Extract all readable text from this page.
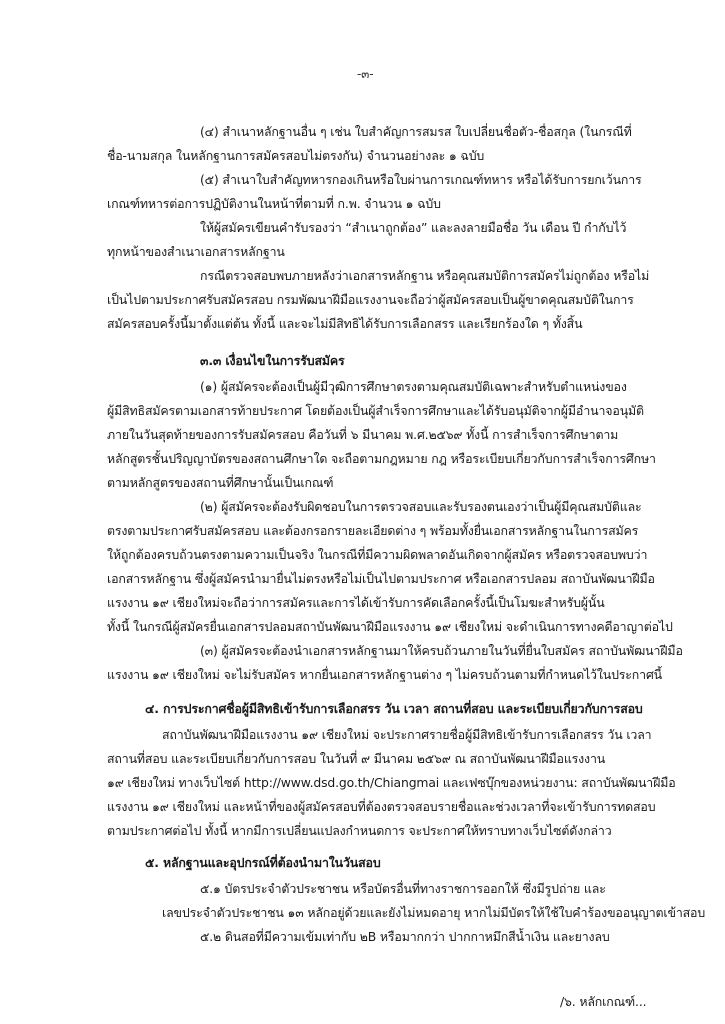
-๓-
(๔) สำเนาหลักฐานอื่น ๆ เช่น ใบสำคัญการสมรส ใบเปลี่ยนชื่อตัว-ชื่อสกุล (ในกรณีที่
ชื่อ-นามสกุล ในหลักฐานการสมัครสอบไม่ตรงกัน) จำนวนอย่างละ ๑ ฉบับ
(๕) สำเนาใบสำคัญทหารกองเกินหรือใบผ่านการเกณฑ์ทหาร หรือได้รับการยกเว้นการ
เกณฑ์ทหารต่อการปฏิบัติงานในหน้าที่ตามที่ ก.พ. จำนวน ๑ ฉบับ
ให้ผู้สมัครเขียนคำรับรองว่า “สำเนาถูกต้อง” และลงลายมือชื่อ วัน เดือน ปี กำกับไว้
ทุกหน้าของสำเนาเอกสารหลักฐาน
กรณีตรวจสอบพบภายหลังว่าเอกสารหลักฐาน หรือคุณสมบัติการสมัครไม่ถูกต้อง หรือไม่
เป็นไปตามประกาศรับสมัครสอบ กรมพัฒนาฝีมือแรงงานจะถือว่าผู้สมัครสอบเป็นผู้ขาดคุณสมบัติในการ
สมัครสอบครั้งนี้มาตั้งแต่ต้น ทั้งนี้ และจะไม่มีสิทธิได้รับการเลือกสรร และเรียกร้องใด ๆ ทั้งสิ้น
๓.๓ เงื่อนไขในการรับสมัคร
(๑) ผู้สมัครจะต้องเป็นผู้มีวุฒิการศึกษาตรงตามคุณสมบัติเฉพาะสำหรับตำแหน่งของ
ผู้มีสิทธิสมัครตามเอกสารท้ายประกาศ โดยต้องเป็นผู้สำเร็จการศึกษาและได้รับอนุมัติจากผู้มีอำนาจอนุมัติ
ภายในวันสุดท้ายของการรับสมัครสอบ คือวันที่ ๖ มีนาคม พ.ศ.๒๕๖๙ ทั้งนี้ การสำเร็จการศึกษาตาม
หลักสูตรชั้นปริญญาบัตรของสถานศึกษาใด จะถือตามกฎหมาย กฎ หรือระเบียบเกี่ยวกับการสำเร็จการศึกษา
ตามหลักสูตรของสถานที่ศึกษานั้นเป็นเกณฑ์
(๒) ผู้สมัครจะต้องรับผิดชอบในการตรวจสอบและรับรองตนเองว่าเป็นผู้มีคุณสมบัติและ
ตรงตามประกาศรับสมัครสอบ และต้องกรอกรายละเอียดต่าง ๆ พร้อมทั้งยื่นเอกสารหลักฐานในการสมัคร
ให้ถูกต้องครบถ้วนตรงตามความเป็นจริง ในกรณีที่มีความผิดพลาดอันเกิดจากผู้สมัคร หรือตรวจสอบพบว่า
เอกสารหลักฐาน ซึ่งผู้สมัครนำมายื่นไม่ตรงหรือไม่เป็นไปตามประกาศ หรือเอกสารปลอม สถาบันพัฒนาฝีมือ
แรงงาน ๑๙ เชียงใหม่จะถือว่าการสมัครและการได้เข้ารับการคัดเลือกครั้งนี้เป็นโมฆะสำหรับผู้นั้น
ทั้งนี้ ในกรณีผู้สมัครยื่นเอกสารปลอมสถาบันพัฒนาฝีมือแรงงาน ๑๙ เชียงใหม่ จะดำเนินการทางคดีอาญาต่อไป
(๓) ผู้สมัครจะต้องนำเอกสารหลักฐานมาให้ครบถ้วนภายในวันที่ยื่นใบสมัคร สถาบันพัฒนาฝีมือ
แรงงาน ๑๙ เชียงใหม่ จะไม่รับสมัคร หากยื่นเอกสารหลักฐานต่าง ๆ ไม่ครบถ้วนตามที่กำหนดไว้ในประกาศนี้
๔. การประกาศชื่อผู้มีสิทธิเข้ารับการเลือกสรร วัน เวลา สถานที่สอบ และระเบียบเกี่ยวกับการสอบ
สถาบันพัฒนาฝีมือแรงงาน ๑๙ เชียงใหม่ จะประกาศรายชื่อผู้มีสิทธิเข้ารับการเลือกสรร วัน เวลา
สถานที่สอบ และระเบียบเกี่ยวกับการสอบ ในวันที่ ๙ มีนาคม ๒๕๖๙ ณ สถาบันพัฒนาฝีมือแรงงาน
๑๙ เชียงใหม่ ทางเว็บไซต์ http://www.dsd.go.th/Chiangmai และเฟซบุ๊กของหน่วยงาน: สถาบันพัฒนาฝีมือ
แรงงาน ๑๙ เชียงใหม่ และหน้าที่ของผู้สมัครสอบที่ต้องตรวจสอบรายชื่อและช่วงเวลาที่จะเข้ารับการทดสอบ
ตามประกาศต่อไป ทั้งนี้ หากมีการเปลี่ยนแปลงกำหนดการ จะประกาศให้ทราบทางเว็บไซต์ดังกล่าว
๕. หลักฐานและอุปกรณ์ที่ต้องนำมาในวันสอบ
๕.๑ บัตรประจำตัวประชาชน หรือบัตรอื่นที่ทางราชการออกให้ ซึ่งมีรูปถ่าย และ
เลขประจำตัวประชาชน ๑๓ หลักอยู่ด้วยและยังไม่หมดอายุ หากไม่มีบัตรให้ใช้ใบคำร้องขออนุญาตเข้าสอบ
๕.๒ ดินสอที่มีความเข้มเท่ากับ ๒B หรือมากกว่า ปากกาหมึกสีน้ำเงิน และยางลบ
/๖. หลักเกณฑ์...
